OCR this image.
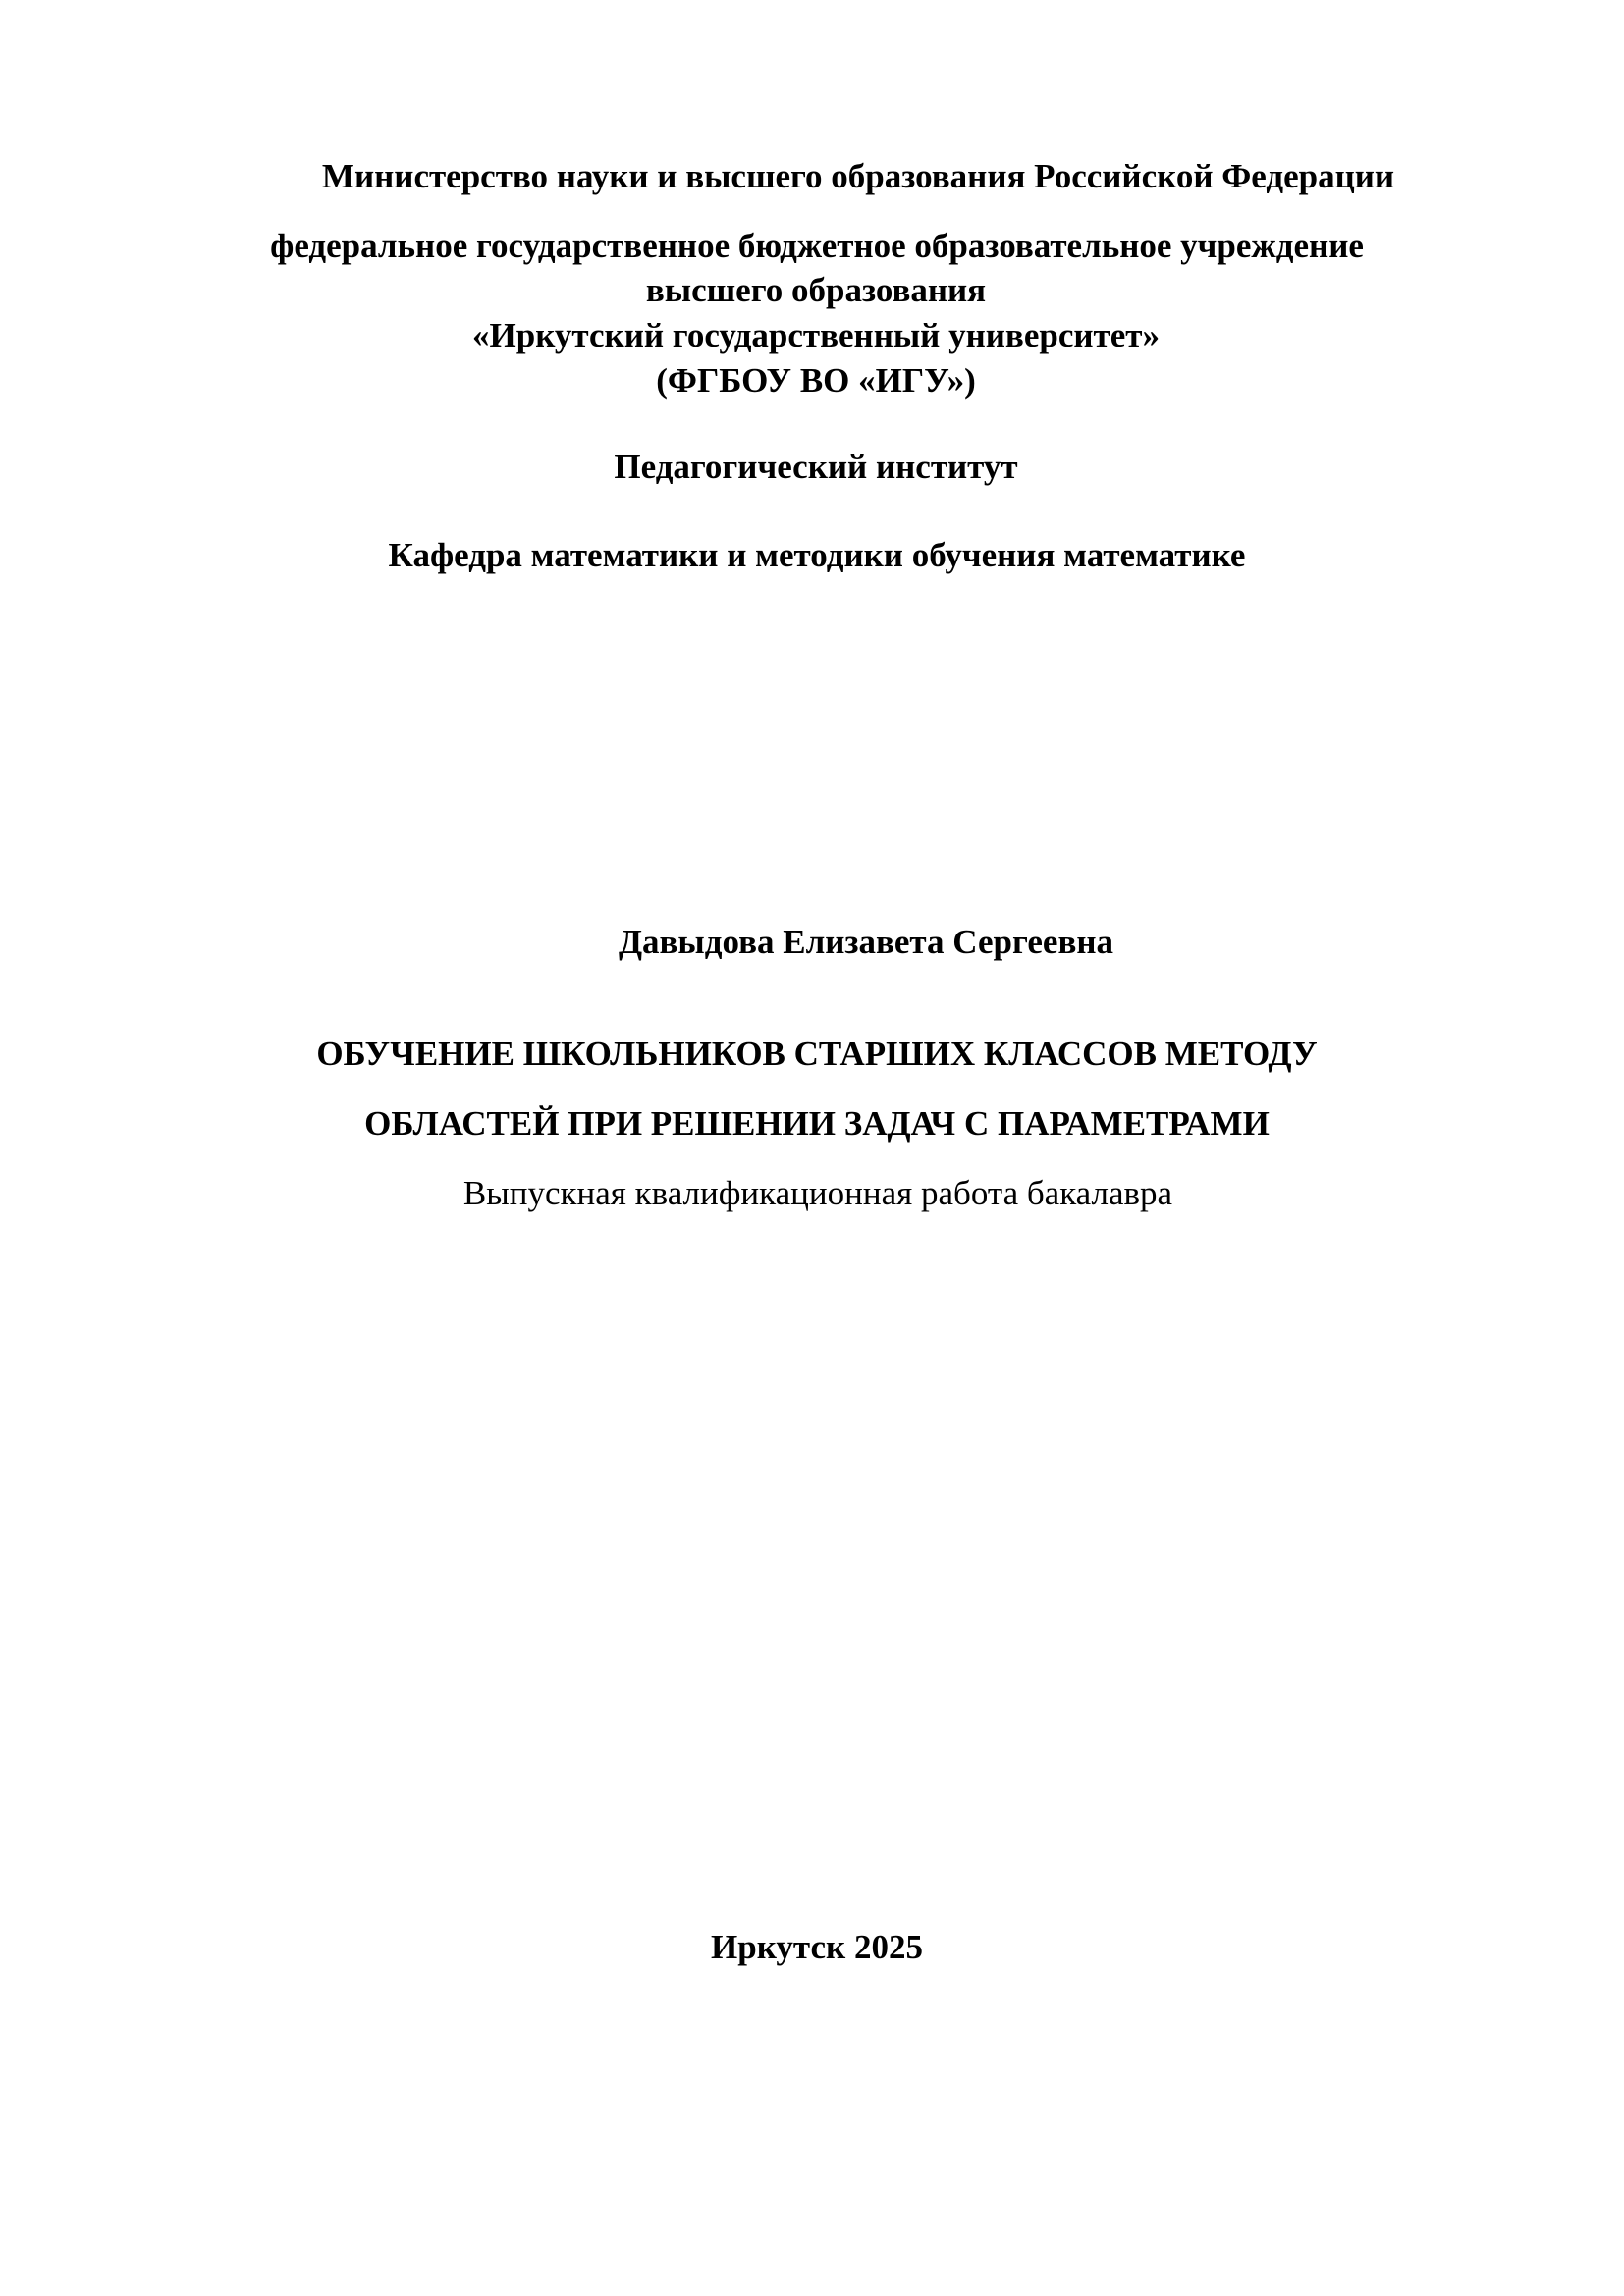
Министерство науки и высшего образования Российской Федерации
федеральное государственное бюджетное образовательное учреждение
высшего образования
«Иркутский государственный университет»
(ФГБОУ ВО «ИГУ»)
Педагогический институт
Кафедра математики и методики обучения математике
Давыдова Елизавета Сергеевна
ОБУЧЕНИЕ ШКОЛЬНИКОВ СТАРШИХ КЛАССОВ МЕТОДУ
ОБЛАСТЕЙ ПРИ РЕШЕНИИ ЗАДАЧ С ПАРАМЕТРАМИ
Выпускная квалификационная работа бакалавра
Иркутск 2025
